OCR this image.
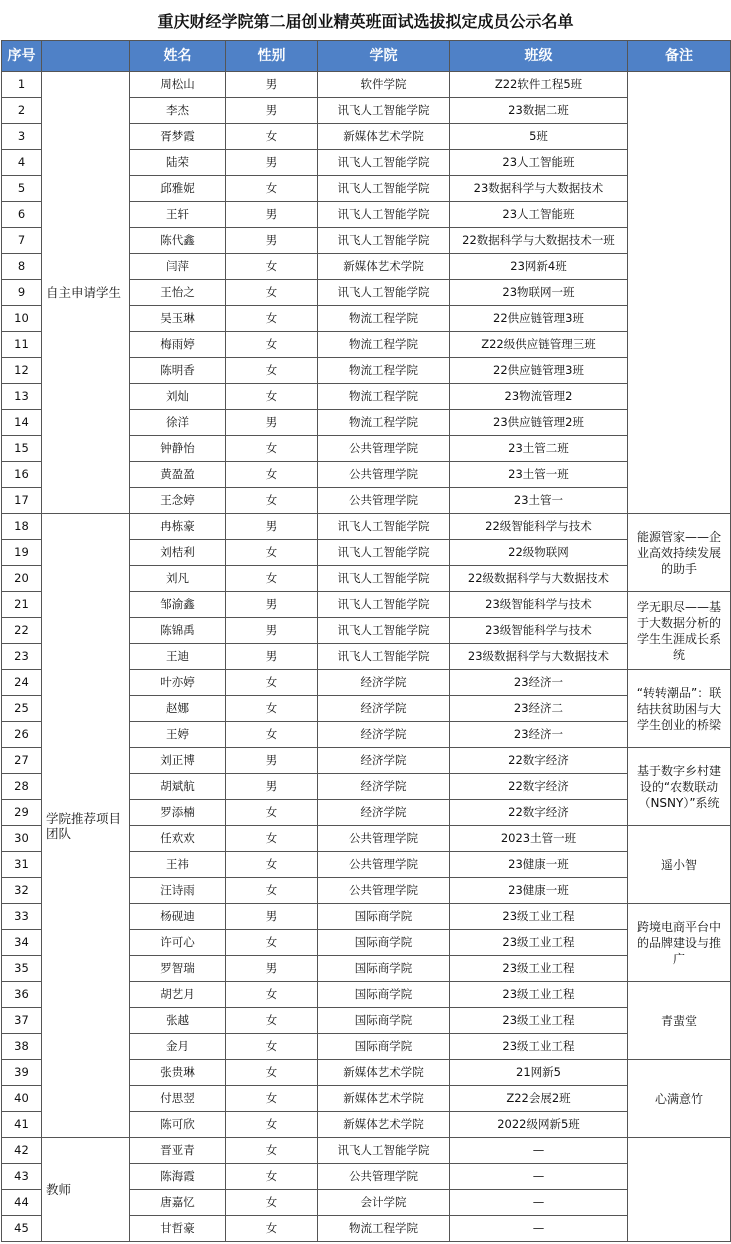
重庆财经学院第二届创业精英班面试选拔拟定成员公示名单
序号		姓名	性别	学院	班级	备注
1	自主申请学生	周松山	男	软件学院	Z22软件工程5班	
2		李杰	男	讯飞人工智能学院	23数据二班	
3		胥梦霞	女	新媒体艺术学院	5班	
4		陆荣	男	讯飞人工智能学院	23人工智能班	
5		邱雅妮	女	讯飞人工智能学院	23数据科学与大数据技术	
6		王轩	男	讯飞人工智能学院	23人工智能班	
7		陈代鑫	男	讯飞人工智能学院	22数据科学与大数据技术一班	
8		闫萍	女	新媒体艺术学院	23网新4班	
9		王怡之	女	讯飞人工智能学院	23物联网一班	
10		吴玉琳	女	物流工程学院	22供应链管理3班	
11		梅雨婷	女	物流工程学院	Z22级供应链管理三班	
12		陈明香	女	物流工程学院	22供应链管理3班	
13		刘灿	女	物流工程学院	23物流管理2	
14		徐洋	男	物流工程学院	23供应链管理2班	
15		钟静怡	女	公共管理学院	23土管二班	
16		黄盈盈	女	公共管理学院	23土管一班	
17		王念婷	女	公共管理学院	23土管一	
18	学院推荐项目团队	冉栋豪	男	讯飞人工智能学院	22级智能科学与技术	能源管家——企业高效持续发展的助手
19		刘桔利	女	讯飞人工智能学院	22级物联网	
20		刘凡	女	讯飞人工智能学院	22级数据科学与大数据技术	
21		邹渝鑫	男	讯飞人工智能学院	23级智能科学与技术	学无职尽——基于大数据分析的学生生涯成长系统
22		陈锦禹	男	讯飞人工智能学院	23级智能科学与技术	
23		王迪	男	讯飞人工智能学院	23级数据科学与大数据技术	
24		叶亦婷	女	经济学院	23经济一	“转转潮品”：联结扶贫助困与大学生创业的桥梁
25		赵娜	女	经济学院	23经济二	
26		王婷	女	经济学院	23经济一	
27		刘正博	男	经济学院	22数字经济	基于数字乡村建设的“农数联动（NSNY）”系统
28		胡斌航	男	经济学院	22数字经济	
29		罗添楠	女	经济学院	22数字经济	
30		任欢欢	女	公共管理学院	2023土管一班	遥小智
31		王祎	女	公共管理学院	23健康一班	
32		汪诗雨	女	公共管理学院	23健康一班	
33		杨砚迪	男	国际商学院	23级工业工程	跨境电商平台中的品牌建设与推广
34		许可心	女	国际商学院	23级工业工程	
35		罗智瑞	男	国际商学院	23级工业工程	
36		胡艺月	女	国际商学院	23级工业工程	青蜚堂
37		张越	女	国际商学院	23级工业工程	
38		金月	女	国际商学院	23级工业工程	
39		张贵琳	女	新媒体艺术学院	21网新5	心满意竹
40		付思翌	女	新媒体艺术学院	Z22会展2班	
41		陈可欣	女	新媒体艺术学院	2022级网新5班	
42	教师	晋亚青	女	讯飞人工智能学院	—	
43		陈海霞	女	公共管理学院	—	
44		唐嘉忆	女	会计学院	—	
45		甘哲豪	女	物流工程学院	—	
